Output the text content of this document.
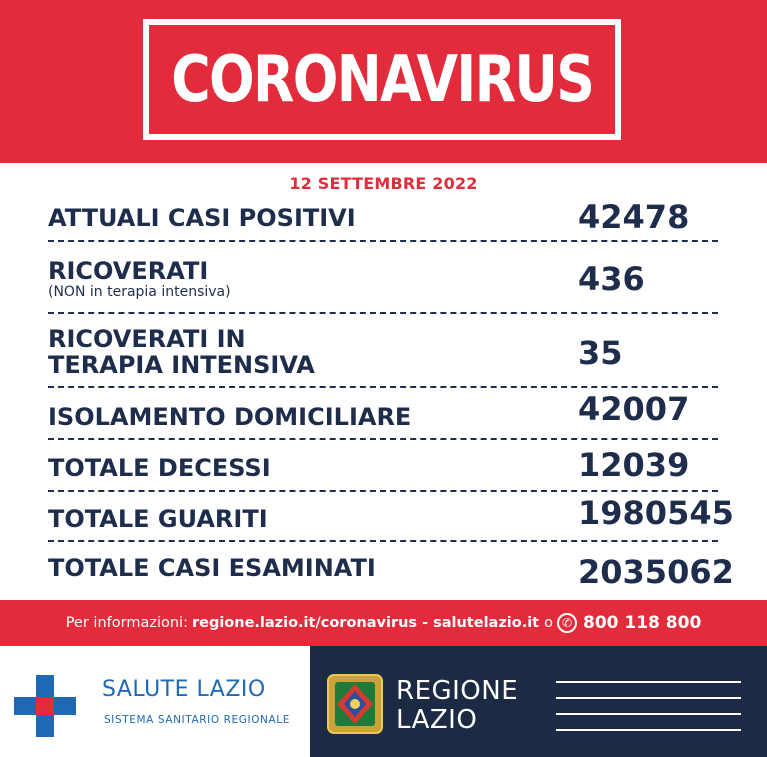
CORONAVIRUS
12 SETTEMBRE 2022
ATTUALI CASI POSITIVI	42478
RICOVERATI
(NON in terapia intensiva)	436
RICOVERATI IN
TERAPIA INTENSIVA	35
ISOLAMENTO DOMICILIARE	42007
TOTALE DECESSI	12039
TOTALE GUARITI	1980545
TOTALE CASI ESAMINATI	2035062
Per informazioni: regione.lazio.it/coronavirus - salutelazio.it o ✆ 800 118 800
SALUTE LAZIO
SISTEMA SANITARIO REGIONALE
REGIONE
LAZIO
